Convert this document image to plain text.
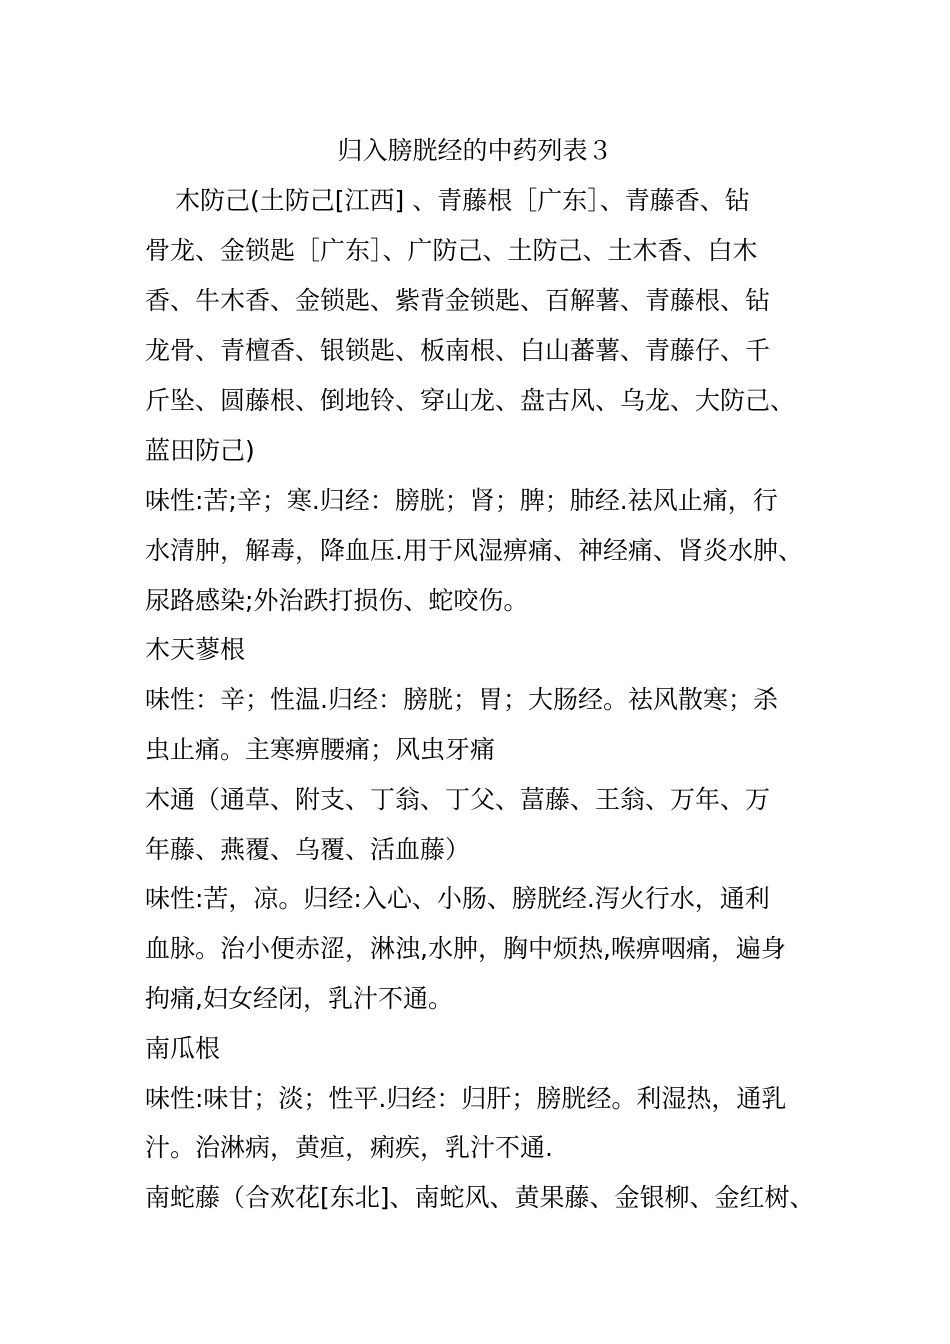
归入膀胱经的中药列表３
木防己(土防己[江西] 、青藤根［广东］、青藤香、钻
骨龙、金锁匙［广东］、广防己、土防己、土木香、白木
香、牛木香、金锁匙、紫背金锁匙、百解薯、青藤根、钻
龙骨、青檀香、银锁匙、板南根、白山蕃薯、青藤仔、千
斤坠、圆藤根、倒地铃、穿山龙、盘古风、乌龙、大防己、
蓝田防己)
味性:苦;辛；寒.归经：膀胱；肾；脾；肺经.祛风止痛，行
水清肿，解毒，降血压.用于风湿痹痛、神经痛、肾炎水肿、
尿路感染;外治跌打损伤、蛇咬伤。
木天蓼根
味性：辛；性温.归经：膀胱；胃；大肠经。祛风散寒；杀
虫止痛。主寒痹腰痛；风虫牙痛
木通（通草、附支、丁翁、丁父、葍藤、王翁、万年、万
年藤、燕覆、乌覆、活血藤）
味性:苦，凉。归经:入心、小肠、膀胱经.泻火行水，通利
血脉。治小便赤涩，淋浊,水肿，胸中烦热,喉痹咽痛，遍身
拘痛,妇女经闭，乳汁不通。
南瓜根
味性:味甘；淡；性平.归经：归肝；膀胱经。利湿热，通乳
汁。治淋病，黄疸，痢疾，乳汁不通.
南蛇藤（合欢花[东北]、南蛇风、黄果藤、金银柳、金红树、
